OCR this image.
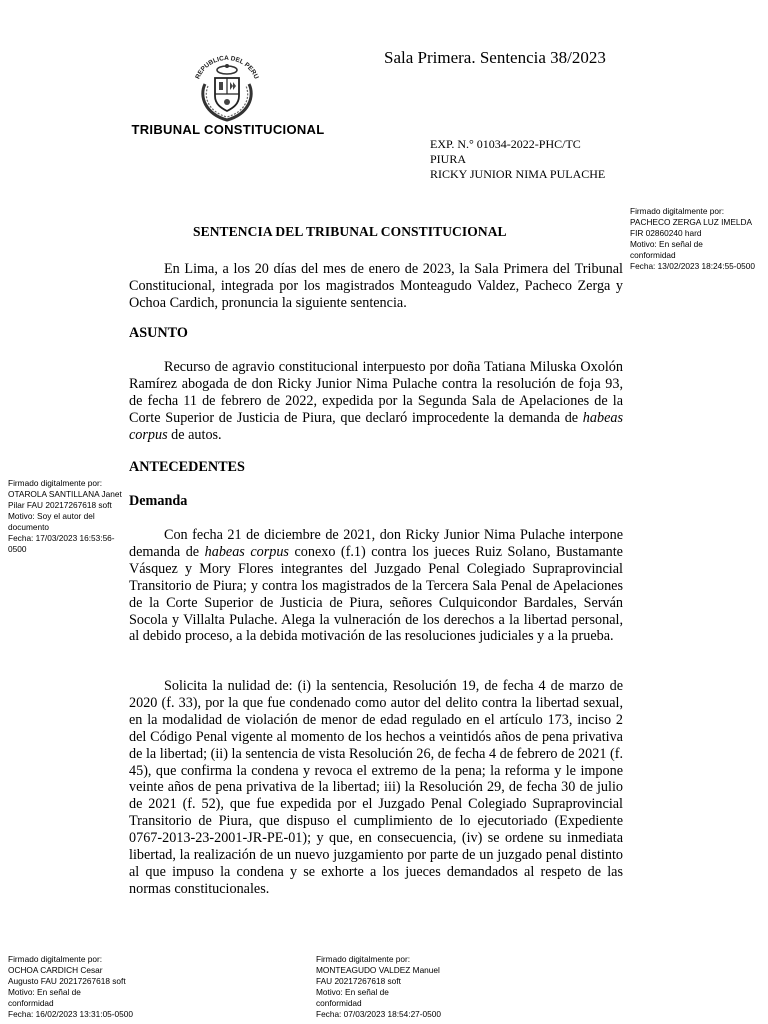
REPUBLICA DEL PERU
TRIBUNAL CONSTITUCIONAL
Sala Primera. Sentencia 38/2023
EXP. N.° 01034-2022-PHC/TC
PIURA
RICKY JUNIOR NIMA PULACHE
Firmado digitalmente por:
PACHECO ZERGA LUZ IMELDA
FIR 02860240 hard
Motivo: En señal de
conformidad
Fecha: 13/02/2023 18:24:55-0500
Firmado digitalmente por:
OTAROLA SANTILLANA Janet
Pilar FAU 20217267618 soft
Motivo: Soy el autor del
documento
Fecha: 17/03/2023 16:53:56-0500
Firmado digitalmente por:
OCHOA CARDICH Cesar
Augusto FAU 20217267618 soft
Motivo: En señal de
conformidad
Fecha: 16/02/2023 13:31:05-0500
Firmado digitalmente por:
MONTEAGUDO VALDEZ Manuel
FAU 20217267618 soft
Motivo: En señal de
conformidad
Fecha: 07/03/2023 18:54:27-0500
SENTENCIA DEL TRIBUNAL CONSTITUCIONAL
En Lima, a los 20 días del mes de enero de 2023, la Sala Primera del Tribunal Constitucional, integrada por los magistrados Monteagudo Valdez, Pacheco Zerga y Ochoa Cardich, pronuncia la siguiente sentencia.
ASUNTO
Recurso de agravio constitucional interpuesto por doña Tatiana Miluska Oxolón Ramírez abogada de don Ricky Junior Nima Pulache contra la resolución de foja 93, de fecha 11 de febrero de 2022, expedida por la Segunda Sala de Apelaciones de la Corte Superior de Justicia de Piura, que declaró improcedente la demanda de habeas corpus de autos.
ANTECEDENTES
Demanda
Con fecha 21 de diciembre de 2021, don Ricky Junior Nima Pulache interpone demanda de habeas corpus conexo (f.1) contra los jueces Ruiz Solano, Bustamante Vásquez y Mory Flores integrantes del Juzgado Penal Colegiado Supraprovincial Transitorio de Piura; y contra los magistrados de la Tercera Sala Penal de Apelaciones de la Corte Superior de Justicia de Piura, señores Culquicondor Bardales, Serván Socola y Villalta Pulache. Alega la vulneración de los derechos a la libertad personal, al debido proceso, a la debida motivación de las resoluciones judiciales y a la prueba.
Solicita la nulidad de: (i) la sentencia, Resolución 19, de fecha 4 de marzo de 2020 (f. 33), por la que fue condenado como autor del delito contra la libertad sexual, en la modalidad de violación de menor de edad regulado en el artículo 173, inciso 2 del Código Penal vigente al momento de los hechos a veintidós años de pena privativa de la libertad; (ii) la sentencia de vista Resolución 26, de fecha 4 de febrero de 2021 (f. 45), que confirma la condena y revoca el extremo de la pena; la reforma y le impone veinte años de pena privativa de la libertad; iii) la Resolución 29, de fecha 30 de julio de 2021 (f. 52), que fue expedida por el Juzgado Penal Colegiado Supraprovincial Transitorio de Piura, que dispuso el cumplimiento de lo ejecutoriado (Expediente 0767-2013-23-2001-JR-PE-01); y que, en consecuencia, (iv) se ordene su inmediata libertad, la realización de un nuevo juzgamiento por parte de un juzgado penal distinto al que impuso la condena y se exhorte a los jueces demandados al respeto de las normas constitucionales.
